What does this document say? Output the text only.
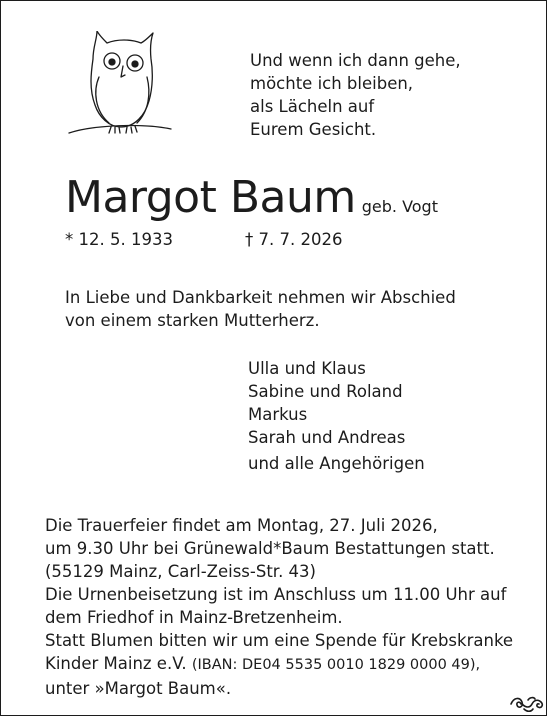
Und wenn ich dann gehe,
möchte ich bleiben,
als Lächeln auf
Eurem Gesicht.
Margot Baum geb. Vogt
* 12. 5. 1933	† 7. 7. 2026
In Liebe und Dankbarkeit nehmen wir Abschied
von einem starken Mutterherz.
Ulla und Klaus
Sabine und Roland
Markus
Sarah und Andreas
und alle Angehörigen
Die Trauerfeier findet am Montag, 27. Juli 2026,
um 9.30 Uhr bei Grünewald*Baum Bestattungen statt.
(55129 Mainz, Carl-Zeiss-Str. 43)
Die Urnenbeisetzung ist im Anschluss um 11.00 Uhr auf
dem Friedhof in Mainz-Bretzenheim.
Statt Blumen bitten wir um eine Spende für Krebskranke
Kinder Mainz e.V. (IBAN: DE04 5535 0010 1829 0000 49),
unter »Margot Baum«.
